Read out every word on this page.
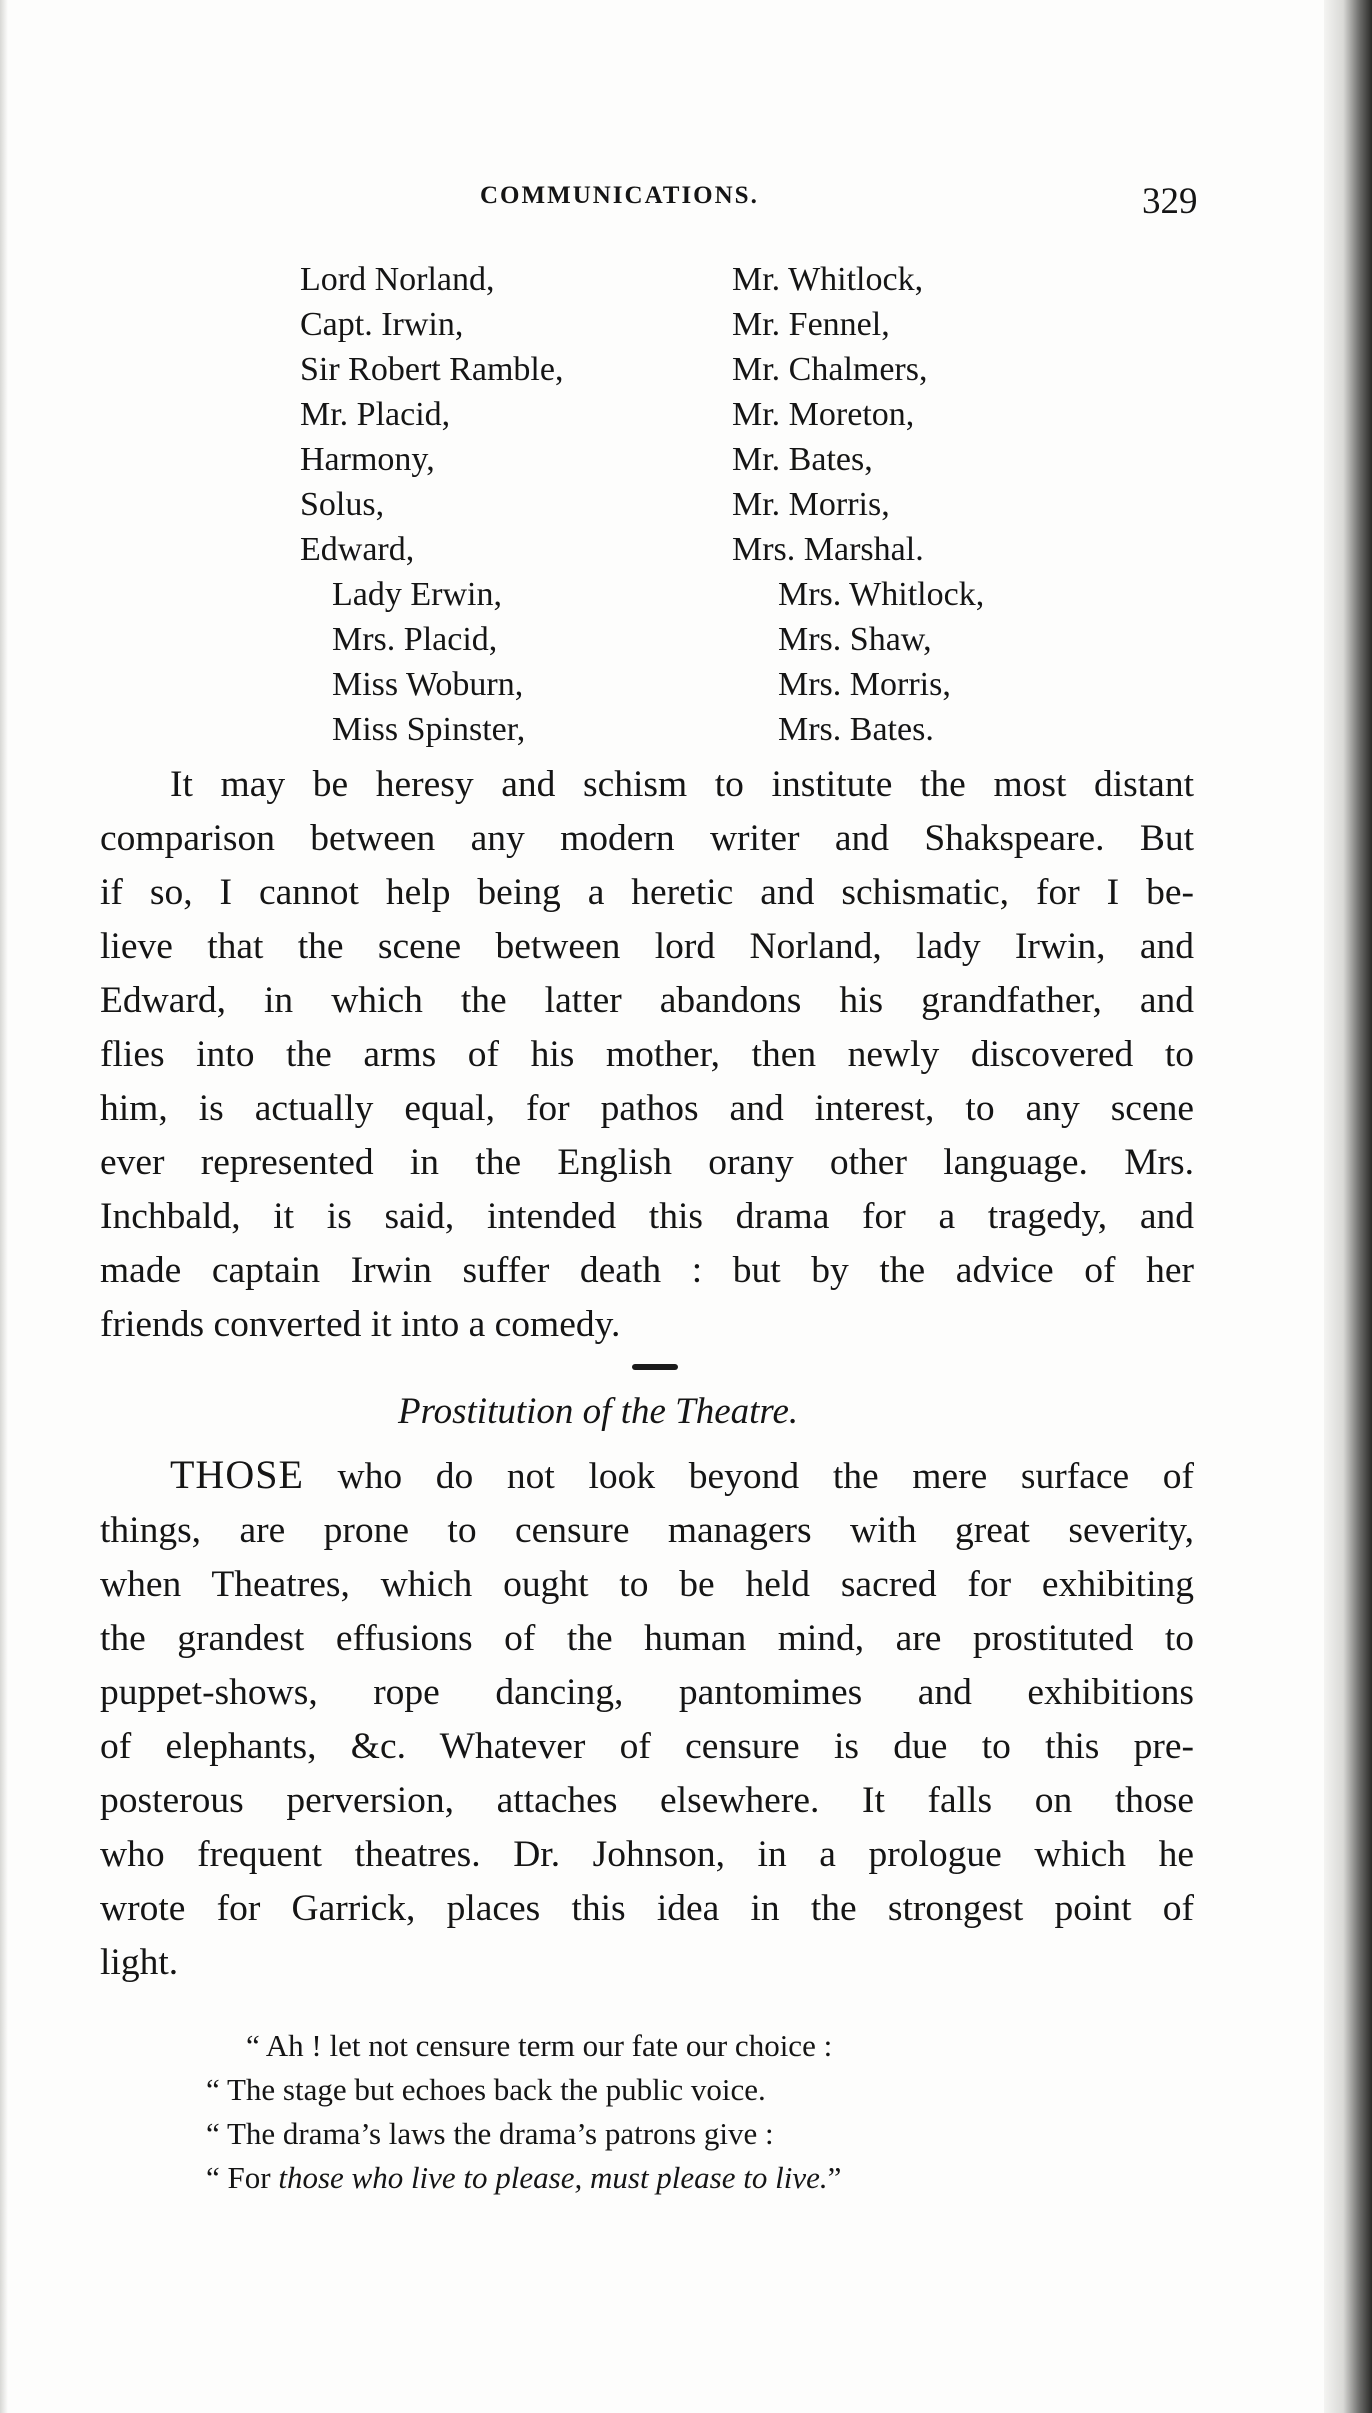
COMMUNICATIONS.	329
Lord Norland,	Mr. Whitlock,
Capt. Irwin,	Mr. Fennel,
Sir Robert Ramble,	Mr. Chalmers,
Mr. Placid,	Mr. Moreton,
Harmony,	Mr. Bates,
Solus,	Mr. Morris,
Edward,	Mrs. Marshal.
Lady Erwin,	Mrs. Whitlock,
Mrs. Placid,	Mrs. Shaw,
Miss Woburn,	Mrs. Morris,
Miss Spinster,	Mrs. Bates.

It may be heresy and schism to institute the most distant
comparison between any modern writer and Shakspeare. But
if so, I cannot help being a heretic and schismatic, for I be-
lieve that the scene between lord Norland, lady Irwin, and
Edward, in which the latter abandons his grandfather, and
flies into the arms of his mother, then newly discovered to
him, is actually equal, for pathos and interest, to any scene
ever represented in the English orany other language. Mrs.
Inchbald, it is said, intended this drama for a tragedy, and
made captain Irwin suffer death : but by the advice of her
friends converted it into a comedy.

Prostitution of the Theatre.

THOSE who do not look beyond the mere surface of
things, are prone to censure managers with great severity,
when Theatres, which ought to be held sacred for exhibiting
the grandest effusions of the human mind, are prostituted to
puppet-shows, rope dancing, pantomimes and exhibitions
of elephants, &c. Whatever of censure is due to this pre-
posterous perversion, attaches elsewhere. It falls on those
who frequent theatres. Dr. Johnson, in a prologue which he
wrote for Garrick, places this idea in the strongest point of
light.

“ Ah ! let not censure term our fate our choice :
“ The stage but echoes back the public voice.
“ The drama’s laws the drama’s patrons give :
“ For those who live to please, must please to live.”
